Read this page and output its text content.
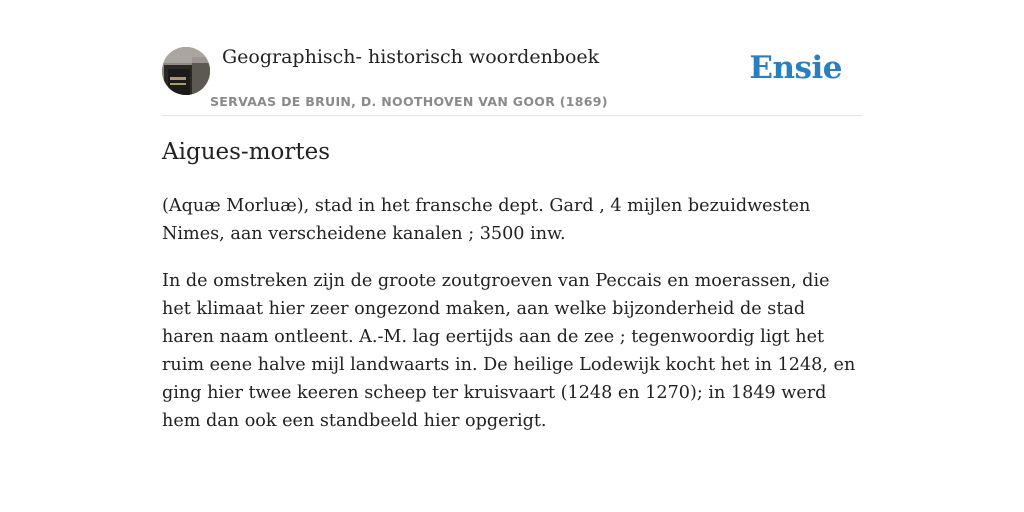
Geographisch- historisch woordenboek
SERVAAS DE BRUIN, D. NOOTHOVEN VAN GOOR (1869)
Ensie
Aigues-mortes

(Aquæ Morluæ), stad in het fransche dept. Gard , 4 mijlen bezuidwesten Nimes, aan verscheidene kanalen ; 3500 inw.

In de omstreken zijn de groote zoutgroeven van Peccais en moerassen, die het klimaat hier zeer ongezond maken, aan welke bijzonderheid de stad haren naam ontleent. A.-M. lag eertijds aan de zee ; tegenwoordig ligt het ruim eene halve mijl landwaarts in. De heilige Lodewijk kocht het in 1248, en ging hier twee keeren scheep ter kruisvaart (1248 en 1270); in 1849 werd hem dan ook een standbeeld hier opgerigt.
